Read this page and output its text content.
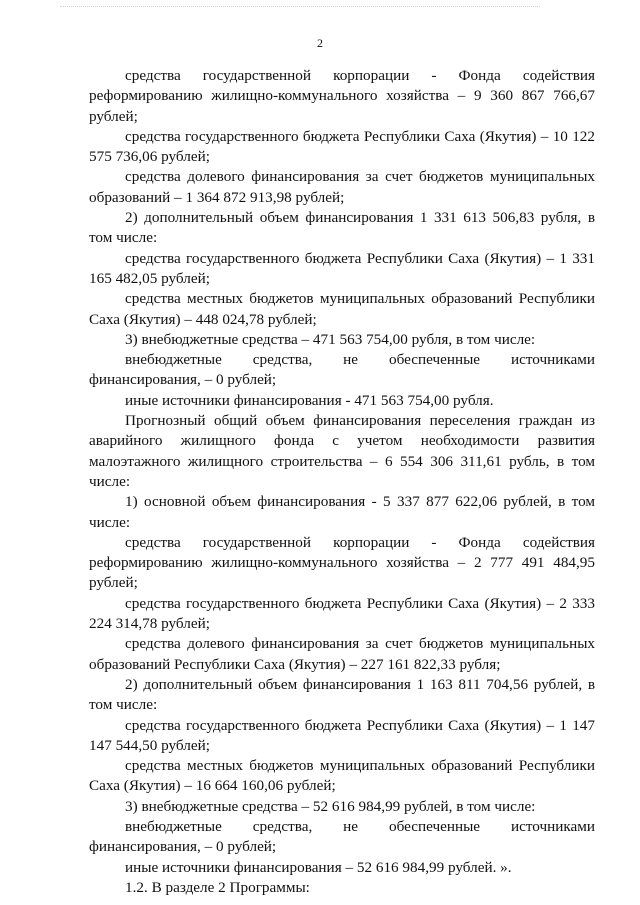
2

средства государственной корпорации - Фонда содействия реформированию жилищно-коммунального хозяйства – 9 360 867 766,67 рублей;

средства государственного бюджета Республики Саха (Якутия) – 10 122 575 736,06 рублей;

средства долевого финансирования за счет бюджетов муниципальных образований – 1 364 872 913,98 рублей;

2) дополнительный объем финансирования 1 331 613 506,83 рубля, в том числе:

средства государственного бюджета Республики Саха (Якутия) – 1 331 165 482,05 рублей;

средства местных бюджетов муниципальных образований Республики Саха (Якутия) – 448 024,78 рублей;

3) внебюджетные средства – 471 563 754,00 рубля, в том числе:

внебюджетные средства, не обеспеченные источниками финансирования, – 0 рублей;

иные источники финансирования - 471 563 754,00 рубля.

Прогнозный общий объем финансирования переселения граждан из аварийного жилищного фонда с учетом необходимости развития малоэтажного жилищного строительства – 6 554 306 311,61 рубль, в том числе:

1) основной объем финансирования - 5 337 877 622,06 рублей, в том числе:

средства государственной корпорации - Фонда содействия реформированию жилищно-коммунального хозяйства – 2 777 491 484,95 рублей;

средства государственного бюджета Республики Саха (Якутия) – 2 333 224 314,78 рублей;

средства долевого финансирования за счет бюджетов муниципальных образований Республики Саха (Якутия) – 227 161 822,33 рубля;

2) дополнительный объем финансирования 1 163 811 704,56 рублей, в том числе:

средства государственного бюджета Республики Саха (Якутия) – 1 147 147 544,50 рублей;

средства местных бюджетов муниципальных образований Республики Саха (Якутия) – 16 664 160,06 рублей;

3) внебюджетные средства – 52 616 984,99 рублей, в том числе:

внебюджетные средства, не обеспеченные источниками финансирования, – 0 рублей;

иные источники финансирования – 52 616 984,99 рублей. ».

1.2. В разделе 2 Программы:
